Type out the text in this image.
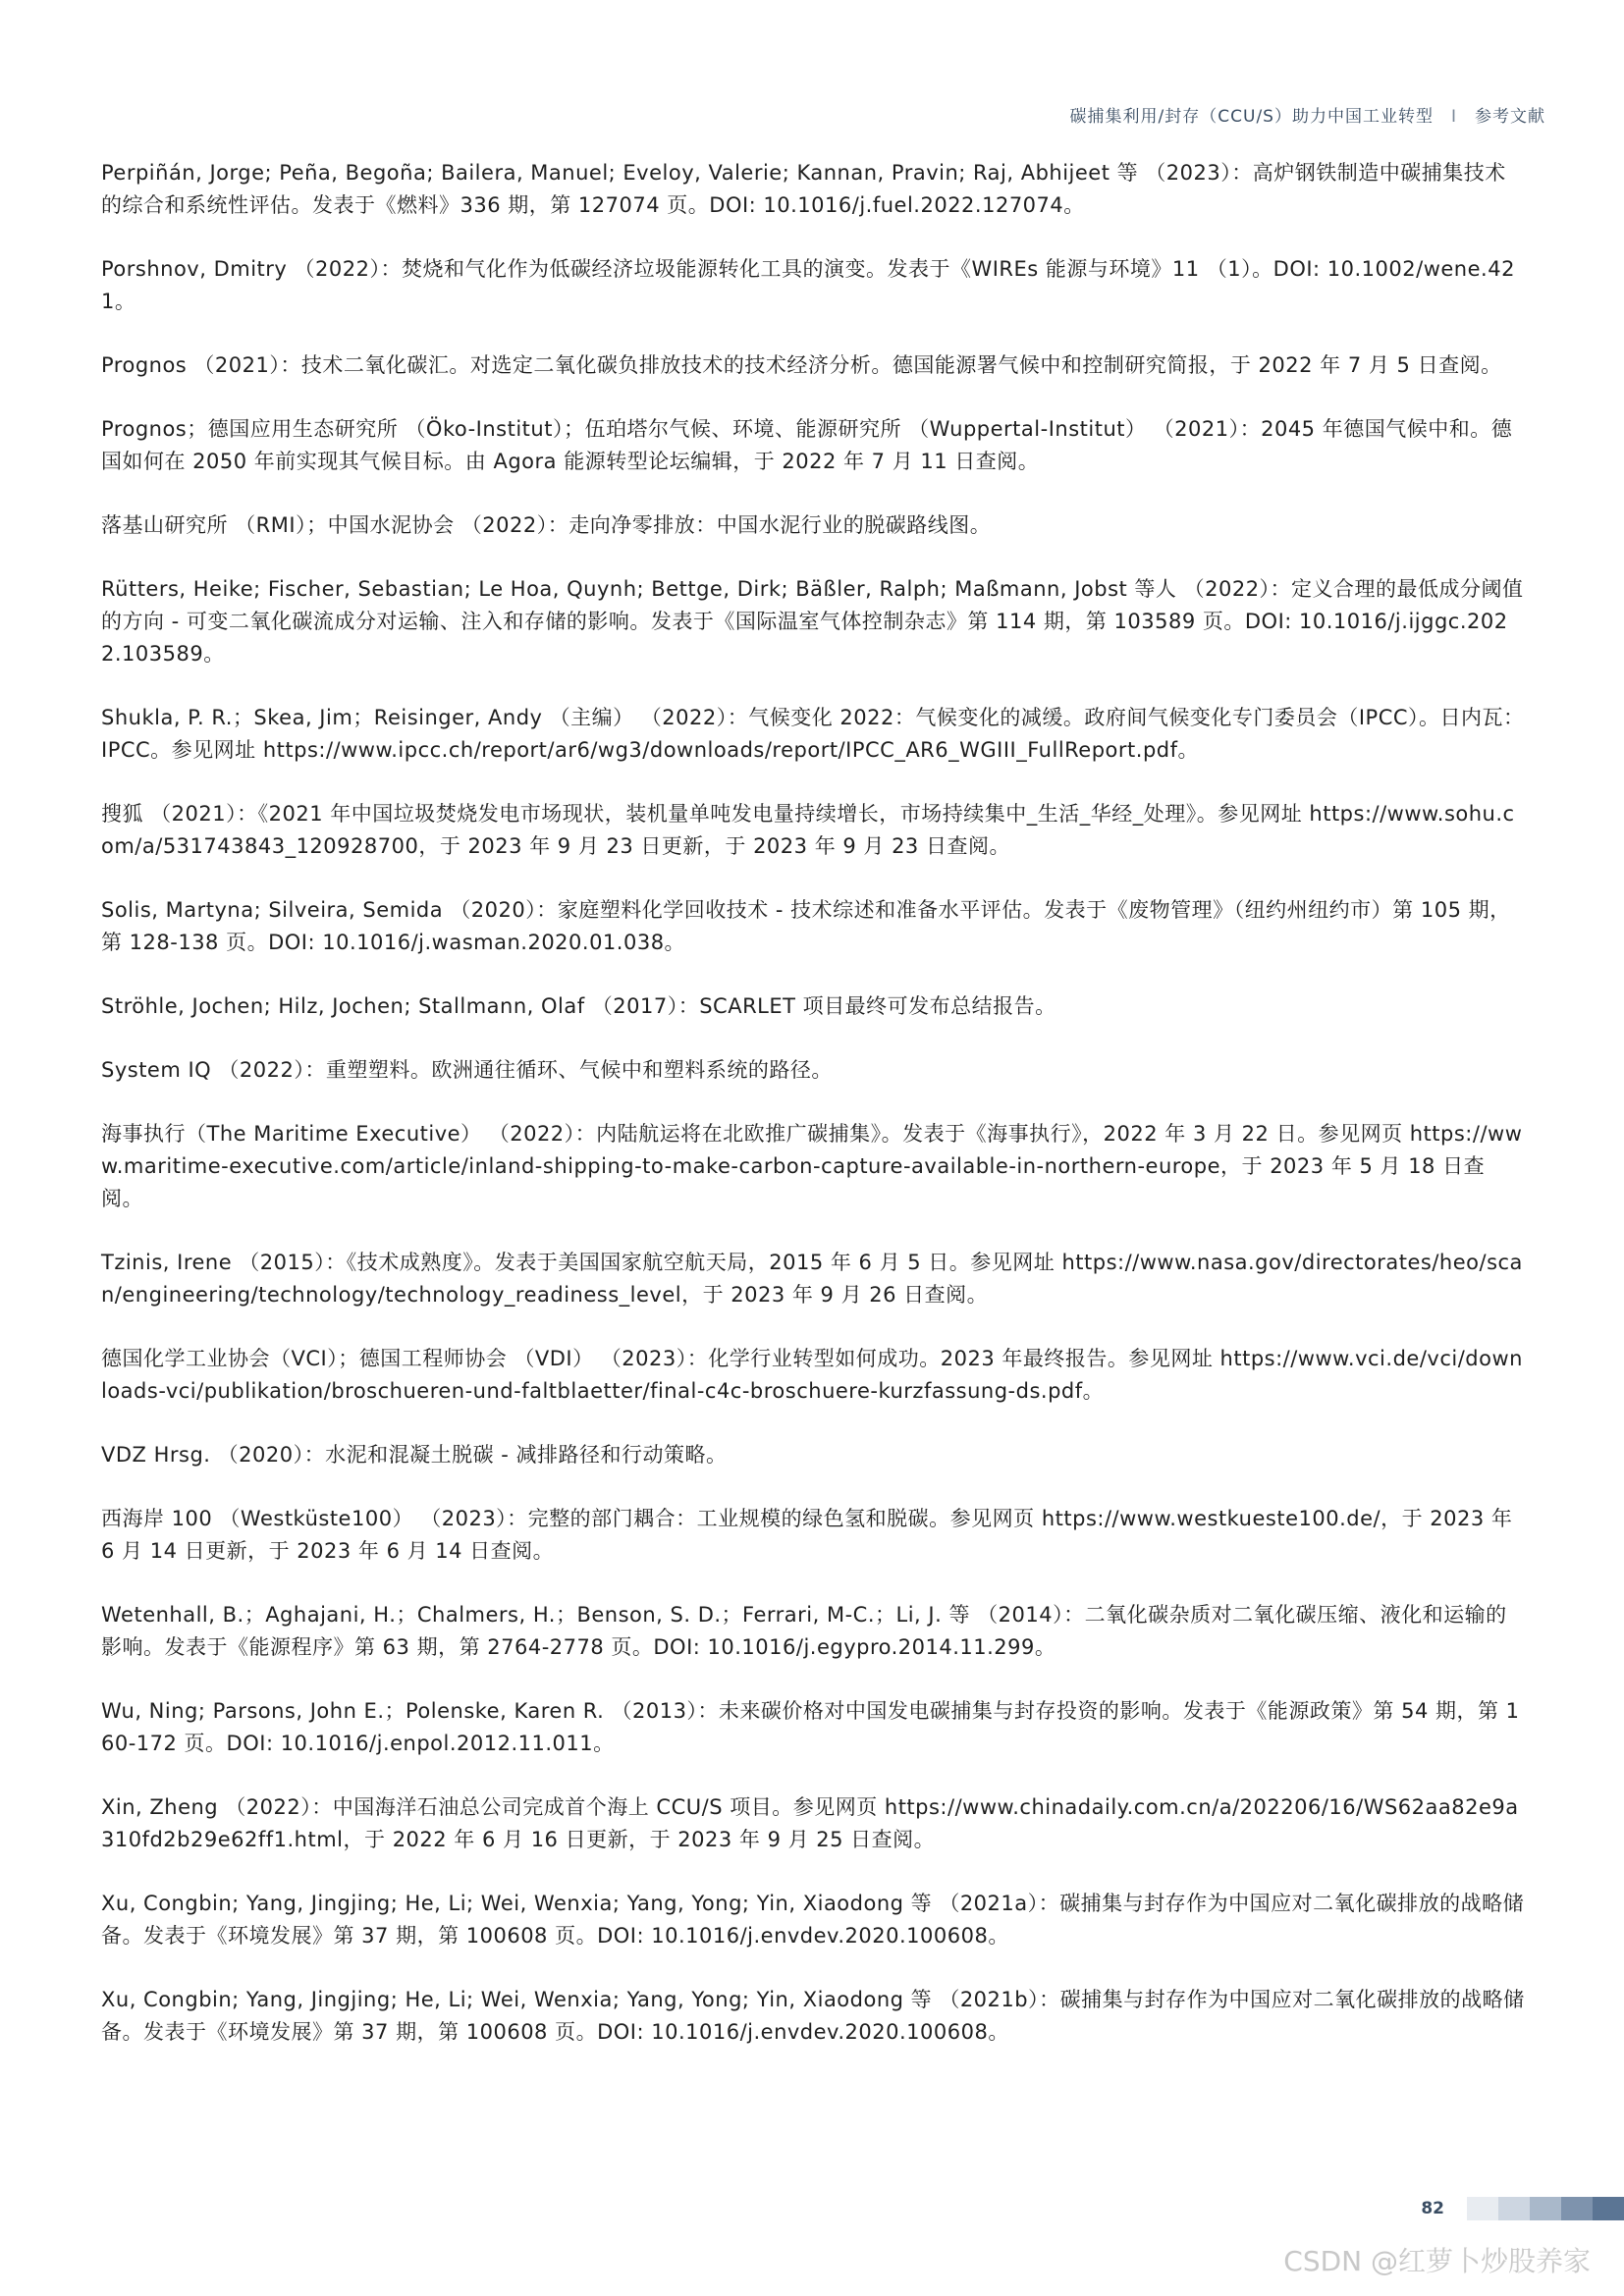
碳捕集利用/封存（CCU/S）助力中国工业转型 I 参考文献

Perpiñán, Jorge; Peña, Begoña; Bailera, Manuel; Eveloy, Valerie; Kannan, Pravin; Raj, Abhijeet 等 （2023）：高炉钢铁制造中碳捕集技术的综合和系统性评估。发表于《燃料》336 期，第 127074 页。DOI: 10.1016/j.fuel.2022.127074。

Porshnov, Dmitry （2022）：焚烧和气化作为低碳经济垃圾能源转化工具的演变。发表于《WIREs 能源与环境》11 （1）。DOI: 10.1002/wene.421。

Prognos （2021）：技术二氧化碳汇。对选定二氧化碳负排放技术的技术经济分析。德国能源署气候中和控制研究简报，于 2022 年 7 月 5 日查阅。

Prognos；德国应用生态研究所 （Öko-Institut）；伍珀塔尔气候、环境、能源研究所 （Wuppertal-Institut） （2021）：2045 年德国气候中和。德国如何在 2050 年前实现其气候目标。由 Agora 能源转型论坛编辑，于 2022 年 7 月 11 日查阅。

落基山研究所 （RMI）；中国水泥协会 （2022）：走向净零排放：中国水泥行业的脱碳路线图。

Rütters, Heike; Fischer, Sebastian; Le Hoa, Quynh; Bettge, Dirk; Bäßler, Ralph; Maßmann, Jobst 等人 （2022）：定义合理的最低成分阈值的方向 - 可变二氧化碳流成分对运输、注入和存储的影响。发表于《国际温室气体控制杂志》第 114 期，第 103589 页。DOI: 10.1016/j.ijggc.2022.103589。

Shukla, P. R.；Skea, Jim；Reisinger, Andy （主编） （2022）：气候变化 2022：气候变化的减缓。政府间气候变化专门委员会（IPCC）。日内瓦：IPCC。参见网址 https://www.ipcc.ch/report/ar6/wg3/downloads/report/IPCC_AR6_WGIII_FullReport.pdf。

搜狐 （2021）：《2021 年中国垃圾焚烧发电市场现状，装机量单吨发电量持续增长，市场持续集中_生活_华经_处理》。参见网址 https://www.sohu.com/a/531743843_120928700，于 2023 年 9 月 23 日更新，于 2023 年 9 月 23 日查阅。

Solis, Martyna; Silveira, Semida （2020）：家庭塑料化学回收技术 - 技术综述和准备水平评估。发表于《废物管理》（纽约州纽约市）第 105 期，第 128-138 页。DOI: 10.1016/j.wasman.2020.01.038。

Ströhle, Jochen; Hilz, Jochen; Stallmann, Olaf （2017）：SCARLET 项目最终可发布总结报告。

System IQ （2022）：重塑塑料。欧洲通往循环、气候中和塑料系统的路径。

海事执行（The Maritime Executive） （2022）：内陆航运将在北欧推广碳捕集》。发表于《海事执行》，2022 年 3 月 22 日。参见网页 https://www.maritime-executive.com/article/inland-shipping-to-make-carbon-capture-available-in-northern-europe，于 2023 年 5 月 18 日查阅。

Tzinis, Irene （2015）：《技术成熟度》。发表于美国国家航空航天局，2015 年 6 月 5 日。参见网址 https://www.nasa.gov/directorates/heo/scan/engineering/technology/technology_readiness_level，于 2023 年 9 月 26 日查阅。

德国化学工业协会（VCI）；德国工程师协会 （VDI） （2023）：化学行业转型如何成功。2023 年最终报告。参见网址 https://www.vci.de/vci/downloads-vci/publikation/broschueren-und-faltblaetter/final-c4c-broschuere-kurzfassung-ds.pdf。

VDZ Hrsg. （2020）：水泥和混凝土脱碳 - 减排路径和行动策略。

西海岸 100 （Westküste100） （2023）：完整的部门耦合：工业规模的绿色氢和脱碳。参见网页 https://www.westkueste100.de/，于 2023 年 6 月 14 日更新，于 2023 年 6 月 14 日查阅。

Wetenhall, B.；Aghajani, H.；Chalmers, H.；Benson, S. D.；Ferrari, M-C.；Li, J. 等 （2014）：二氧化碳杂质对二氧化碳压缩、液化和运输的影响。发表于《能源程序》第 63 期，第 2764-2778 页。DOI: 10.1016/j.egypro.2014.11.299。

Wu, Ning; Parsons, John E.；Polenske, Karen R. （2013）：未来碳价格对中国发电碳捕集与封存投资的影响。发表于《能源政策》第 54 期，第 160-172 页。DOI: 10.1016/j.enpol.2012.11.011。

Xin, Zheng （2022）：中国海洋石油总公司完成首个海上 CCU/S 项目。参见网页 https://www.chinadaily.com.cn/a/202206/16/WS62aa82e9a310fd2b29e62ff1.html，于 2022 年 6 月 16 日更新，于 2023 年 9 月 25 日查阅。

Xu, Congbin; Yang, Jingjing; He, Li; Wei, Wenxia; Yang, Yong; Yin, Xiaodong 等 （2021a）：碳捕集与封存作为中国应对二氧化碳排放的战略储备。发表于《环境发展》第 37 期，第 100608 页。DOI: 10.1016/j.envdev.2020.100608。

Xu, Congbin; Yang, Jingjing; He, Li; Wei, Wenxia; Yang, Yong; Yin, Xiaodong 等 （2021b）：碳捕集与封存作为中国应对二氧化碳排放的战略储备。发表于《环境发展》第 37 期，第 100608 页。DOI: 10.1016/j.envdev.2020.100608。

82
CSDN @红萝卜炒股养家
